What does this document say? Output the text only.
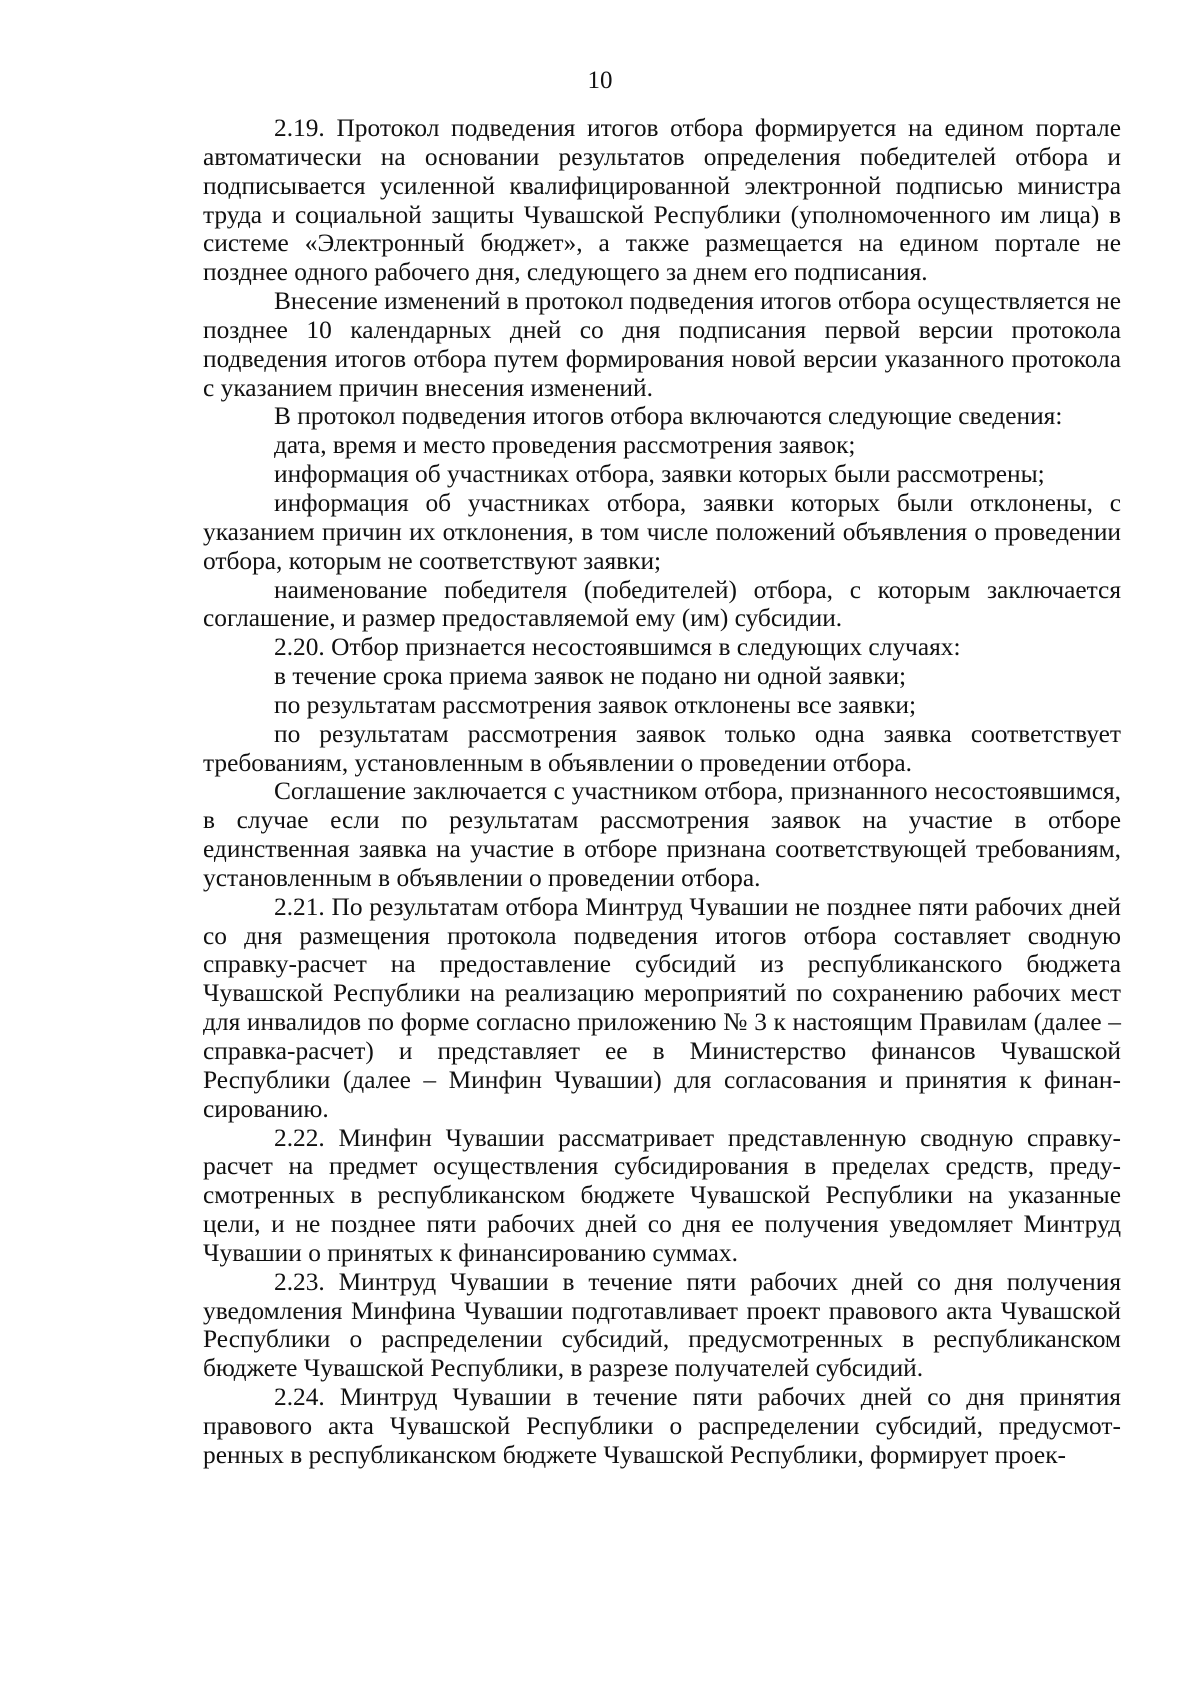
10

2.19. Протокол подведения итогов отбора формируется на едином портале автоматически на основании результатов определения победителей отбора и подписывается усиленной квалифицированной электронной подписью министра труда и социальной защиты Чувашской Республики (уполномоченного им лица) в системе «Электронный бюджет», а также размещается на едином портале не позднее одного рабочего дня, следующего за днем его подписания.

Внесение изменений в протокол подведения итогов отбора осуществляется не позднее 10 календарных дней со дня подписания первой версии протокола подведения итогов отбора путем формирования новой версии указанного протокола с указанием причин внесения изменений.

В протокол подведения итогов отбора включаются следующие сведения:

дата, время и место проведения рассмотрения заявок;

информация об участниках отбора, заявки которых были рассмотрены;

информация об участниках отбора, заявки которых были отклонены, с указанием причин их отклонения, в том числе положений объявления о проведении отбора, которым не соответствуют заявки;

наименование победителя (победителей) отбора, с которым заключается соглашение, и размер предоставляемой ему (им) субсидии.

2.20. Отбор признается несостоявшимся в следующих случаях:

в течение срока приема заявок не подано ни одной заявки;

по результатам рассмотрения заявок отклонены все заявки;

по результатам рассмотрения заявок только одна заявка соответствует требованиям, установленным в объявлении о проведении отбора.

Соглашение заключается с участником отбора, признанного несостоявшимся, в случае если по результатам рассмотрения заявок на участие в отборе единственная заявка на участие в отборе признана соответствующей требованиям, установленным в объявлении о проведении отбора.

2.21. По результатам отбора Минтруд Чувашии не позднее пяти рабочих дней со дня размещения протокола подведения итогов отбора составляет сводную справку-расчет на предоставление субсидий из республиканского бюджета Чувашской Республики на реализацию мероприятий по сохранению рабочих мест для инвалидов по форме согласно приложению № 3 к настоящим Правилам (далее – справка-расчет) и представляет ее в Министерство финансов Чувашской Республики (далее – Минфин Чувашии) для согласования и принятия к финансированию.

2.22. Минфин Чувашии рассматривает представленную сводную справку-расчет на предмет осуществления субсидирования в пределах средств, предусмотренных в республиканском бюджете Чувашской Республики на указанные цели, и не позднее пяти рабочих дней со дня ее получения уведомляет Минтруд Чувашии о принятых к финансированию суммах.

2.23. Минтруд Чувашии в течение пяти рабочих дней со дня получения уведомления Минфина Чувашии подготавливает проект правового акта Чувашской Республики о распределении субсидий, предусмотренных в республиканском бюджете Чувашской Республики, в разрезе получателей субсидий.

2.24. Минтруд Чувашии в течение пяти рабочих дней со дня принятия правового акта Чувашской Республики о распределении субсидий, предусмотренных в республиканском бюджете Чувашской Республики, формирует проек-
